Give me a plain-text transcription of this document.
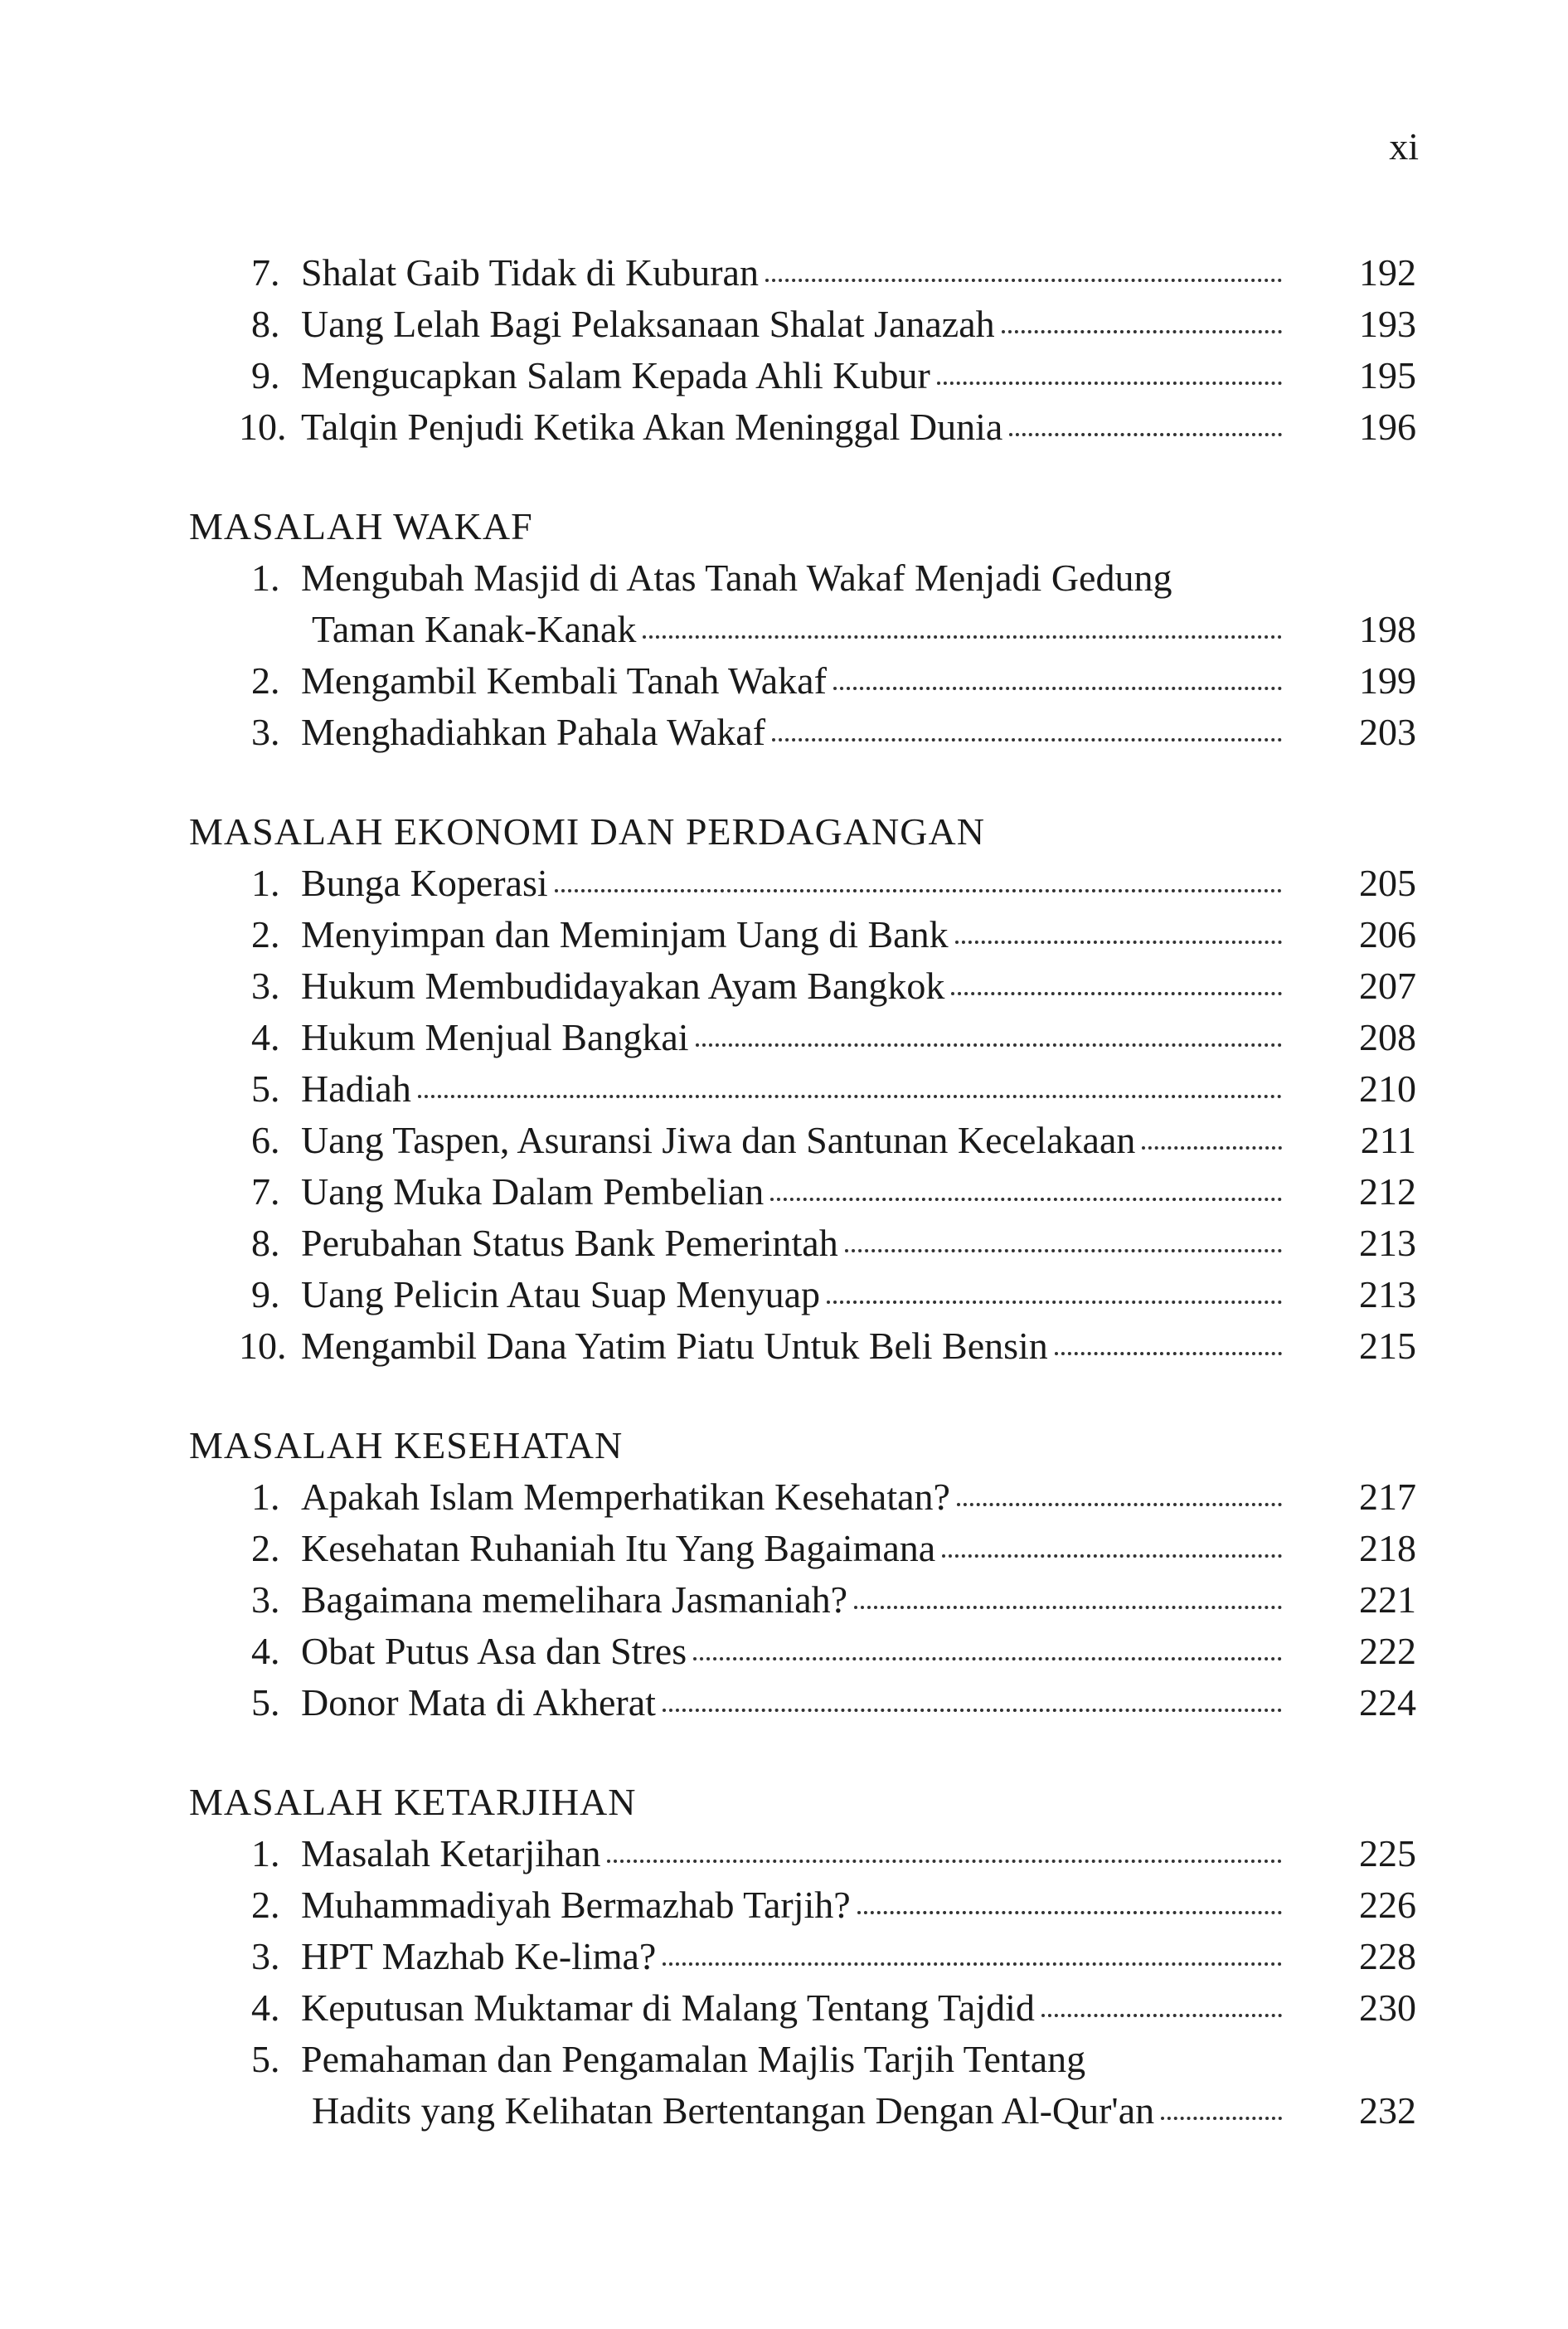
xi
7. Shalat Gaib Tidak di Kuburan	192
8. Uang Lelah Bagi Pelaksanaan Shalat Janazah	193
9. Mengucapkan Salam Kepada Ahli Kubur	195
10. Talqin Penjudi Ketika Akan Meninggal Dunia	196
MASALAH WAKAF
1. Mengubah Masjid di Atas Tanah Wakaf Menjadi Gedung
Taman Kanak-Kanak	198
2. Mengambil Kembali Tanah Wakaf	199
3. Menghadiahkan Pahala Wakaf	203
MASALAH EKONOMI DAN PERDAGANGAN
1. Bunga Koperasi	205
2. Menyimpan dan Meminjam Uang di Bank	206
3. Hukum Membudidayakan Ayam Bangkok	207
4. Hukum Menjual Bangkai	208
5. Hadiah	210
6. Uang Taspen, Asuransi Jiwa dan Santunan Kecelakaan	211
7. Uang Muka Dalam Pembelian	212
8. Perubahan Status Bank Pemerintah	213
9. Uang Pelicin Atau Suap Menyuap	213
10. Mengambil Dana Yatim Piatu Untuk Beli Bensin	215
MASALAH KESEHATAN
1. Apakah Islam Memperhatikan Kesehatan?	217
2. Kesehatan Ruhaniah Itu Yang Bagaimana	218
3. Bagaimana memelihara Jasmaniah?	221
4. Obat Putus Asa dan Stres	222
5. Donor Mata di Akherat	224
MASALAH KETARJIHAN
1. Masalah Ketarjihan	225
2. Muhammadiyah Bermazhab Tarjih?	226
3. HPT Mazhab Ke-lima?	228
4. Keputusan Muktamar di Malang Tentang Tajdid	230
5. Pemahaman dan Pengamalan Majlis Tarjih Tentang
Hadits yang Kelihatan Bertentangan Dengan Al-Qur'an	232
